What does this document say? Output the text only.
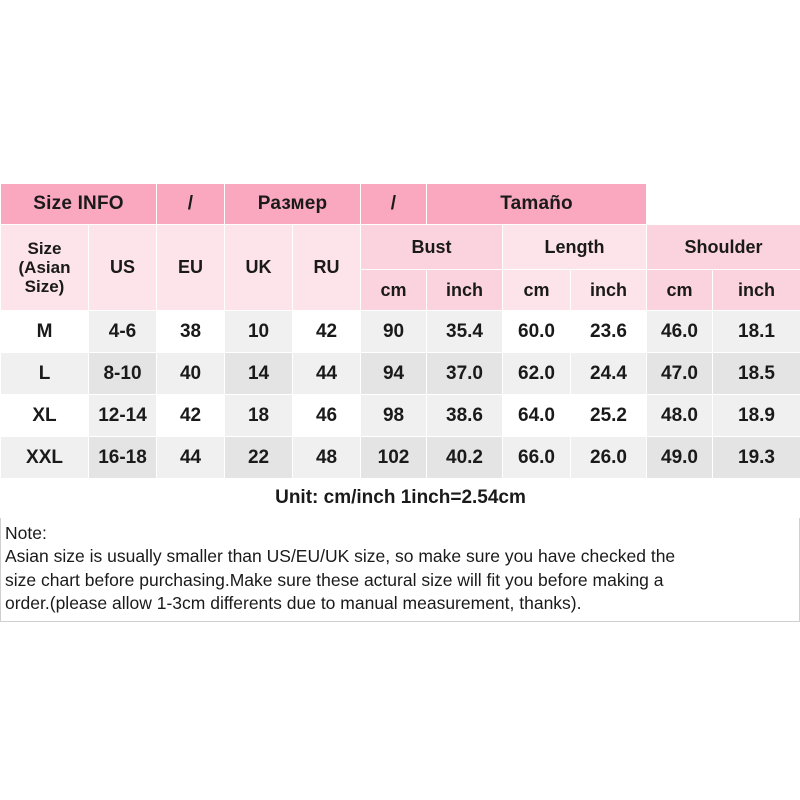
Size INFO		/	Размер		/	Tamaño				
Size (Asian Size)	US	EU	UK	RU	Bust		Length		Shoulder	
					cm	inch	cm	inch	cm	inch
M	4-6	38	10	42	90	35.4	60.0	23.6	46.0	18.1
L	8-10	40	14	44	94	37.0	62.0	24.4	47.0	18.5
XL	12-14	42	18	46	98	38.6	64.0	25.2	48.0	18.9
XXL	16-18	44	22	48	102	40.2	66.0	26.0	49.0	19.3
Unit: cm/inch 1inch=2.54cm										
Note:
Asian size is usually smaller than US/EU/UK size, so make sure you have checked the
size chart before purchasing.Make sure these actural size will fit you before making a
order.(please allow 1-3cm differents due to manual measurement, thanks).
